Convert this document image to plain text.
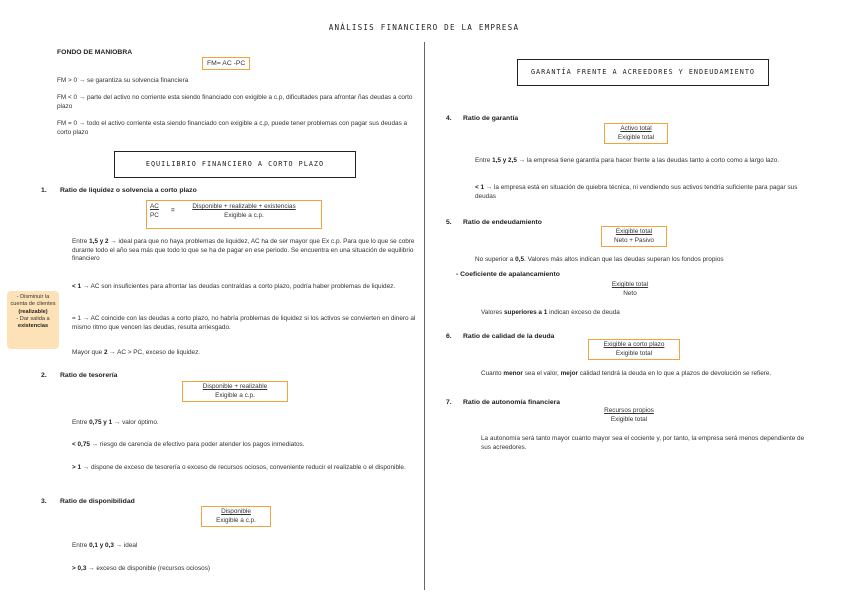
ANÁLISIS FINANCIERO DE LA EMPRESA
FONDO DE MANIOBRA
FM= AC -PC
FM > 0 → se garantiza su solvencia financiera
FM < 0 → parte del activo no corriente esta siendo financiado con exigible a c.p, dificultades para afrontar ñas deudas a corto plazo
FM = 0 → todo el activo corriente esta siendo financiado con exigible a c.p, puede tener problemas con pagar sus deudas a corto plazo
EQUILIBRIO FINANCIERO A CORTO PLAZO
1. Ratio de liquidez o solvencia a corto plazo
AC
PC
=
Disponible + realizable + existencias
Exigible a c.p.
Entre 1,5 y 2 → ideal para que no haya problemas de liquidez, AC ha de ser mayor que Ex c.p. Para que lo que se cobre durante todo el año sea más que todo lo que se ha de pagar en ese periodo. Se encuentra en una situación de equilibrio financiero
< 1 → AC son insuficientes para afrontar las deudas contraídas a corto plazo, podría haber problemas de liquidez.
= 1 → AC coincide con las deudas a corto plazo, no habría problemas de liquidez si los activos se convierten en dinero al mismo ritmo que vencen las deudas, resulta arriesgado.
Mayor que 2 → AC > PC, exceso de liquidez.
- Disminuir la cuenta de clientes
(realizable)
- Dar salida a
existencias
2. Ratio de tesorería
Disponible + realizable
Exigible a c.p.
Entre 0,75 y 1 → valor óptimo.
< 0,75 → riesgo de carencia de efectivo para poder atender los pagos inmediatos.
> 1 → dispone de exceso de tesorería o exceso de recursos ociosos, conveniente reducir el realizable o el disponible.
3. Ratio de disponibilidad
Disponible
Exigible a c.p.
Entre 0,1 y 0,3 → ideal
> 0,3 → exceso de disponible (recursos ociosos)
GARANTÍA FRENTE A ACREEDORES Y ENDEUDAMIENTO
4. Ratio de garantía
Activo total
Exigible total
Entre 1,5 y 2,5 → la empresa tiene garantía para hacer frente a las deudas tanto a corto como a largo lazo.
< 1 → la empresa está en situación de quiebra técnica, ni vendiendo sus activos tendría suficiente para pagar sus deudas
5. Ratio de endeudamiento
Exigible total
Neto + Pasivo
No superior a 0,5. Valores más altos indican que las deudas superan los fondos propios
- Coeficiente de apalancamiento
Exigible total
Neto
Valores superiores a 1 indican exceso de deuda
6. Ratio de calidad de la deuda
Exigible a corto plazo
Exigible total
Cuanto menor sea el valor, mejor calidad tendrá la deuda en lo que a plazos de devolución se refiere.
7. Ratio de autonomía financiera
Recursos propios
Exigible total
La autonomía será tanto mayor cuanto mayor sea el cociente y, por tanto, la empresa será menos dependiente de sus acreedores.
